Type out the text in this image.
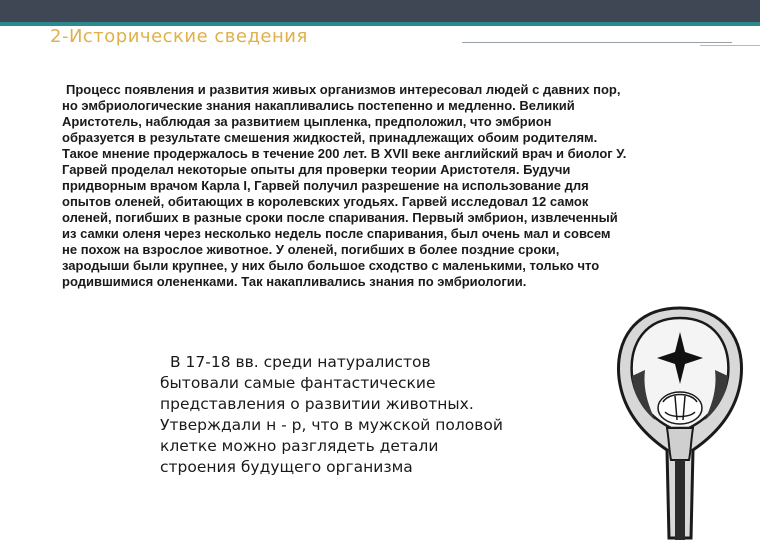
2-Исторические сведения
Процесс появления и развития живых организмов интересовал людей с давних пор,
но эмбриологические знания накапливались постепенно и медленно. Великий
Аристотель, наблюдая за развитием цыпленка, предположил, что эмбрион
образуется в результате смешения жидкостей, принадлежащих обоим родителям.
Такое мнение продержалось в течение 200 лет. В XVII веке английский врач и биолог У.
Гарвей проделал некоторые опыты для проверки теории Аристотеля. Будучи
придворным врачом Карла I, Гарвей получил разрешение на использование для
опытов оленей, обитающих в королевских угодьях. Гарвей исследовал 12 самок
оленей, погибших в разные сроки после спаривания. Первый эмбрион, извлеченный
из самки оленя через несколько недель после спаривания, был очень мал и совсем
не похож на взрослое животное. У оленей, погибших в более поздние сроки,
зародыши были крупнее, у них было большое сходство с маленькими, только что
родившимися олененками. Так накапливались знания по эмбриологии.
В 17-18 вв. среди натуралистов
бытовали самые фантастические
представления о развитии животных.
Утверждали н - р, что в мужской половой
клетке можно разглядеть детали
строения будущего организма
